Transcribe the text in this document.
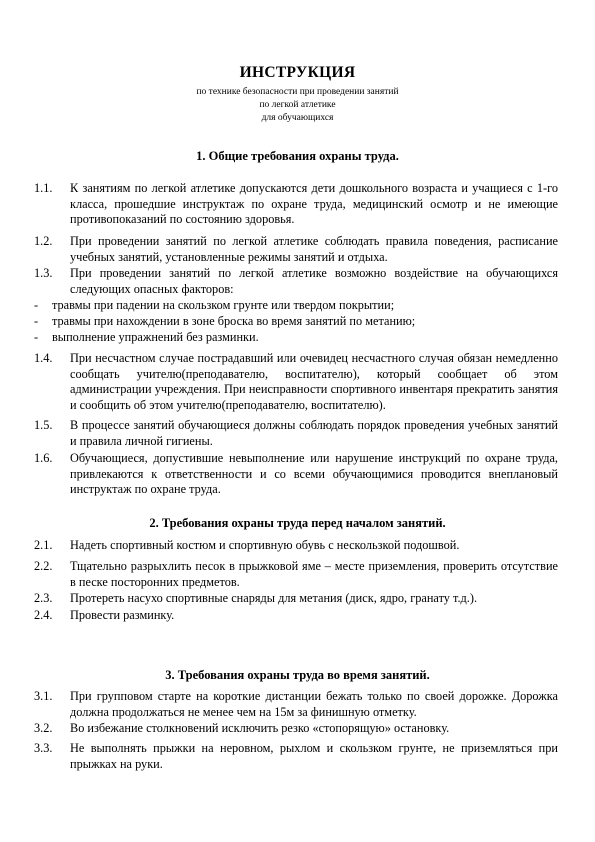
ИНСТРУКЦИЯ
по технике безопасности при проведении занятий
по легкой атлетике
для обучающихся
1. Общие требования охраны труда.
1.1. К занятиям по легкой атлетике допускаются дети дошкольного возраста и учащиеся с 1-го класса, прошедшие инструктаж по охране труда, медицинский осмотр и не имеющие противопоказаний по состоянию здоровья.
1.2. При проведении занятий по легкой атлетике соблюдать правила поведения, расписание учебных занятий, установленные режимы занятий и отдыха.
1.3. При проведении занятий по легкой атлетике возможно воздействие на обучающихся следующих опасных факторов:
- травмы при падении на скользком грунте или твердом покрытии;
- травмы при нахождении в зоне броска во время занятий по метанию;
- выполнение упражнений без разминки.
1.4. При несчастном случае пострадавший или очевидец несчастного случая обязан немедленно сообщать учителю(преподавателю, воспитателю), который сообщает об этом администрации учреждения. При неисправности спортивного инвентаря прекратить занятия и сообщить об этом учителю(преподавателю, воспитателю).
1.5. В процессе занятий обучающиеся должны соблюдать порядок проведения учебных занятий и правила личной гигиены.
1.6. Обучающиеся, допустившие невыполнение или нарушение инструкций по охране труда, привлекаются к ответственности и со всеми обучающимися проводится внеплановый инструктаж по охране труда.
2. Требования охраны труда перед началом занятий.
2.1. Надеть спортивный костюм и спортивную обувь с нескользкой подошвой.
2.2. Тщательно разрыхлить песок в прыжковой яме – месте приземления, проверить отсутствие в песке посторонних предметов.
2.3. Протереть насухо спортивные снаряды для метания (диск, ядро, гранату т.д.).
2.4. Провести разминку.
3. Требования охраны труда во время занятий.
3.1. При групповом старте на короткие дистанции бежать только по своей дорожке. Дорожка должна продолжаться не менее чем на 15м за финишную отметку.
3.2. Во избежание столкновений исключить резко «стопорящую» остановку.
3.3. Не выполнять прыжки на неровном, рыхлом и скользком грунте, не приземляться при прыжках на руки.
